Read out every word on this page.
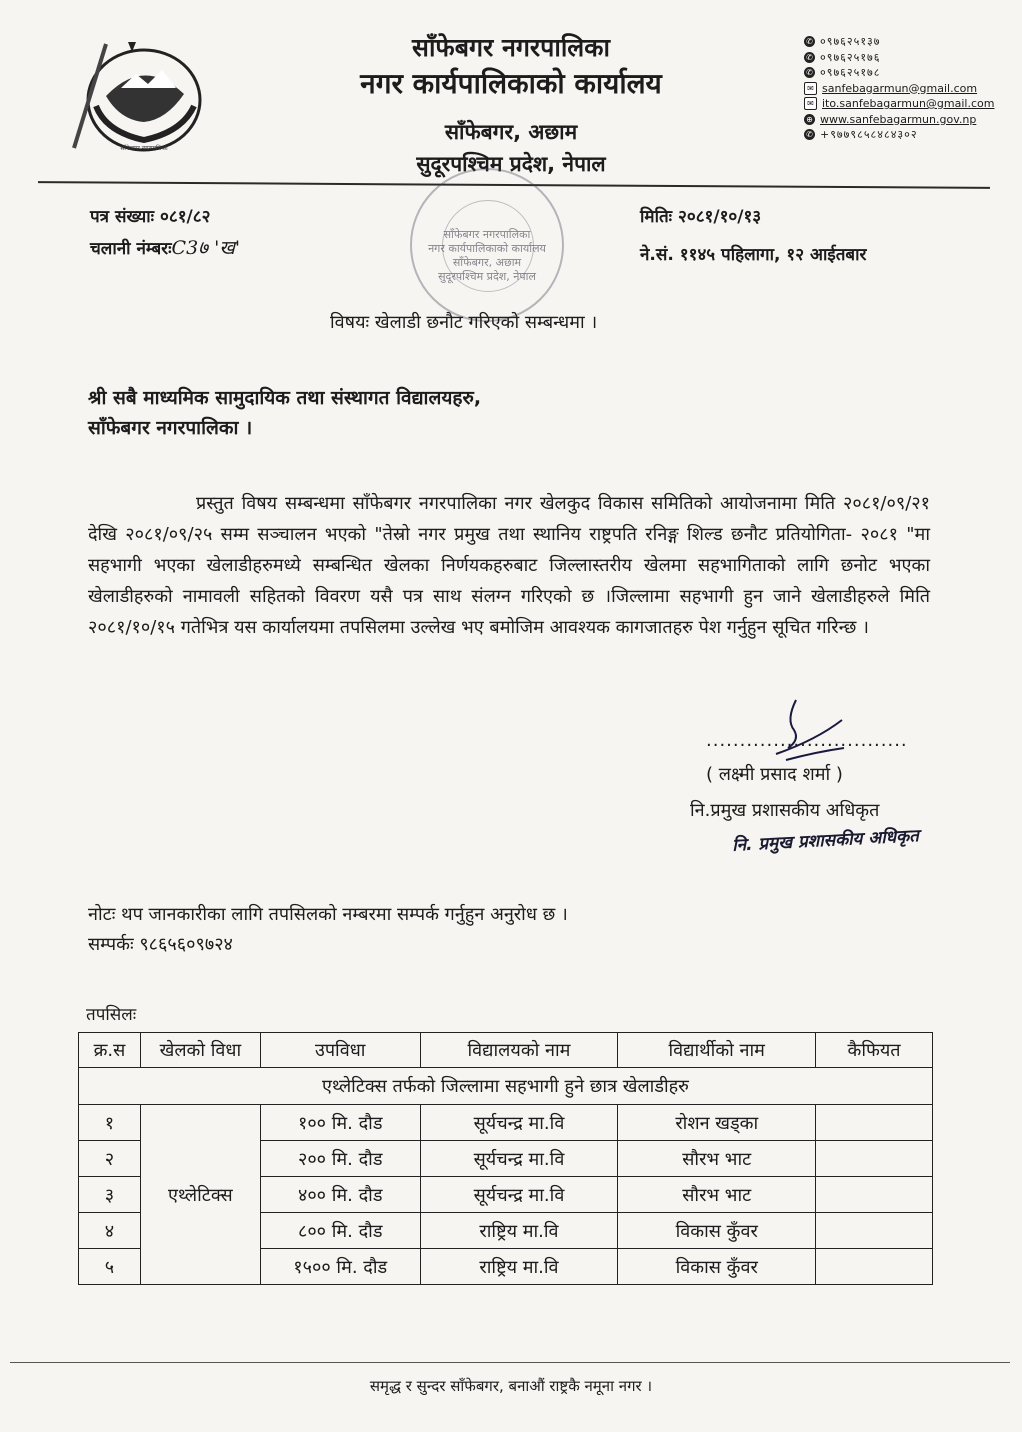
साँफेबगर नगरपालिका
साँफेबगर नगरपालिका
नगर कार्यपालिकाको कार्यालय
साँफेबगर, अछाम
सुदूरपश्चिम प्रदेश, नेपाल
✆ ०९७६२५१३७
✆ ०९७६२५१७६
✆ ०९७६२५१७८
✉ sanfebagarmun@gmail.com
✉ ito.sanfebagarmun@gmail.com
⊕ www.sanfebagarmun.gov.np
✆ +९७७९८५८४८४३०२
साँफेबगर नगरपालिका
नगर कार्यपालिकाको कार्यालय
साँफेबगर, अछाम
सुदूरपश्चिम प्रदेश, नेपाल
पत्र संख्याः ०८१/८२
चलानी नंम्बरःC3७ 'ख'
मितिः २०८१/१०/१३
ने.सं. ११४५ पहिलागा, १२ आईतबार
विषयः खेलाडी छनौट गरिएको सम्बन्धमा ।
श्री सबै माध्यमिक सामुदायिक तथा संस्थागत विद्यालयहरु,
साँफेबगर नगरपालिका ।
प्रस्तुत विषय सम्बन्धमा साँफेबगर नगरपालिका नगर खेलकुद विकास समितिको आयोजनामा मिति २०८१/०९/२१ देखि २०८१/०९/२५ सम्म सञ्चालन भएको "तेस्रो नगर प्रमुख तथा स्थानिय राष्ट्रपति रनिङ्ग शिल्ड छनौट प्रतियोगिता- २०८१ "मा सहभागी भएका खेलाडीहरुमध्ये सम्बन्धित खेलका निर्णयकहरुबाट जिल्लास्तरीय खेलमा सहभागिताको लागि छनोट भएका खेलाडीहरुको नामावली सहितको विवरण यसै पत्र साथ संलग्न गरिएको छ ।जिल्लामा सहभागी हुन जाने खेलाडीहरुले मिति २०८१/१०/१५ गतेभित्र यस कार्यालयमा तपसिलमा उल्लेख भए बमोजिम आवश्यक कागजातहरु पेश गर्नुहुन सूचित गरिन्छ ।
..............................
( लक्ष्मी प्रसाद शर्मा )
नि.प्रमुख प्रशासकीय अधिकृत
नि. प्रमुख प्रशासकीय अधिकृत
नोटः थप जानकारीका लागि तपसिलको नम्बरमा सम्पर्क गर्नुहुन अनुरोध छ ।
सम्पर्कः ९८६५६०९७२४
तपसिलः
क्र.स	खेलको विधा	उपविधा	विद्यालयको नाम	विद्यार्थीको नाम	कैफियत
एथ्लेटिक्स तर्फको जिल्लामा सहभागी हुने छात्र खेलाडीहरु					
१	एथ्लेटिक्स	१०० मि. दौड	सूर्यचन्द्र मा.वि	रोशन खड्का	
२		२०० मि. दौड	सूर्यचन्द्र मा.वि	सौरभ भाट	
३		४०० मि. दौड	सूर्यचन्द्र मा.वि	सौरभ भाट	
४		८०० मि. दौड	राष्ट्रिय मा.वि	विकास कुँवर	
५		१५०० मि. दौड	राष्ट्रिय मा.वि	विकास कुँवर	
समृद्ध र सुन्दर साँफेबगर, बनाऔं राष्ट्रकै नमूना नगर ।
